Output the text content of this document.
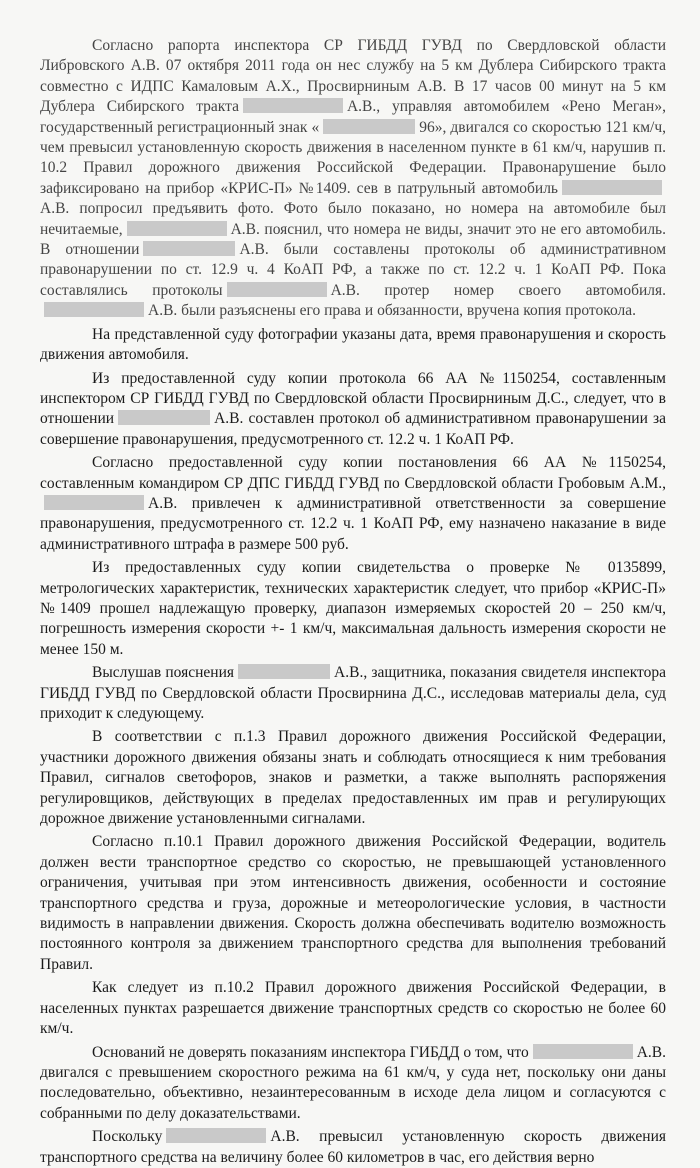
Согласно рапорта инспектора СР ГИБДД ГУВД по Свердловской области Либровского А.В. 07 октября 2011 года он нес службу на 5 км Дублера Сибирского тракта совместно с ИДПС Камаловым А.Х., Просвирниным А.В. В 17 часов 00 минут на 5 км Дублера Сибирского тракта	А.В., управляя автомобилем «Рено Меган», государственный регистрационный знак «	96», двигался со скоростью 121 км/ч, чем превысил установленную скорость движения в населенном пункте в 61 км/ч, нарушив п. 10.2 Правил дорожного движения Российской Федерации. Правонарушение было зафиксировано на прибор «КРИС-П» №1409. сев в патрульный автомобильА.В. попросил предъявить фото. Фото было показано, но номера на автомобиле был нечитаемые,	А.В. пояснил, что номера не виды, значит это не его автомобиль. В отношении	А.В. были составлены протоколы об административном правонарушении по ст. 12.9 ч. 4 КоАП РФ, а также по ст. 12.2 ч. 1 КоАП РФ. Пока составлялись протоколы	А.В. протер номер своего автомобиля.А.В. были разъяснены его права и обязанности, вручена копия протокола.

На представленной суду фотографии указаны дата, время правонарушения и скорость движения автомобиля.

Из предоставленной суду копии протокола 66 АА №1150254, составленным инспектором СР ГИБДД ГУВД по Свердловской области Просвирниным Д.С., следует, что в отношении	А.В. составлен протокол об административном правонарушении за совершение правонарушения, предусмотренного ст. 12.2 ч. 1 КоАП РФ.

Согласно предоставленной суду копии постановления 66 АА №1150254, составленным командиром СР ДПС ГИБДД ГУВД по Свердловской области Гробовым А.М.,А.В. привлечен к административной ответственности за совершение правонарушения, предусмотренного ст. 12.2 ч. 1 КоАП РФ, ему назначено наказание в виде административного штрафа в размере 500 руб.

Из предоставленных суду копии свидетельства о проверке № 0135899, метрологических характеристик, технических характеристик следует, что прибор «КРИС-П» №1409 прошел надлежащую проверку, диапазон измеряемых скоростей 20 – 250 км/ч, погрешность измерения скорости +- 1 км/ч, максимальная дальность измерения скорости не менее 150 м.

Выслушав пояснения	А.В., защитника, показания свидетеля инспектора ГИБДД ГУВД по Свердловской области Просвирнина Д.С., исследовав материалы дела, суд приходит к следующему.

В соответствии с п.1.3 Правил дорожного движения Российской Федерации, участники дорожного движения обязаны знать и соблюдать относящиеся к ним требования Правил, сигналов светофоров, знаков и разметки, а также выполнять распоряжения регулировщиков, действующих в пределах предоставленных им прав и регулирующих дорожное движение установленными сигналами.

Согласно п.10.1 Правил дорожного движения Российской Федерации, водитель должен вести транспортное средство со скоростью, не превышающей установленного ограничения, учитывая при этом интенсивность движения, особенности и состояние транспортного средства и груза, дорожные и метеорологические условия, в частности видимость в направлении движения. Скорость должна обеспечивать водителю возможность постоянного контроля за движением транспортного средства для выполнения требований Правил.

Как следует из п.10.2 Правил дорожного движения Российской Федерации, в населенных пунктах разрешается движение транспортных средств со скоростью не более 60 км/ч.

Оснований не доверять показаниям инспектора ГИБДД о том, что	А.В. двигался с превышением скоростного режима на 61 км/ч, у суда нет, поскольку они даны последовательно, объективно, незаинтересованным в исходе дела лицом и согласуются с собранными по делу доказательствами.

Поскольку	А.В. превысил установленную скорость движения транспортного средства на величину более 60 километров в час, его действия верно
